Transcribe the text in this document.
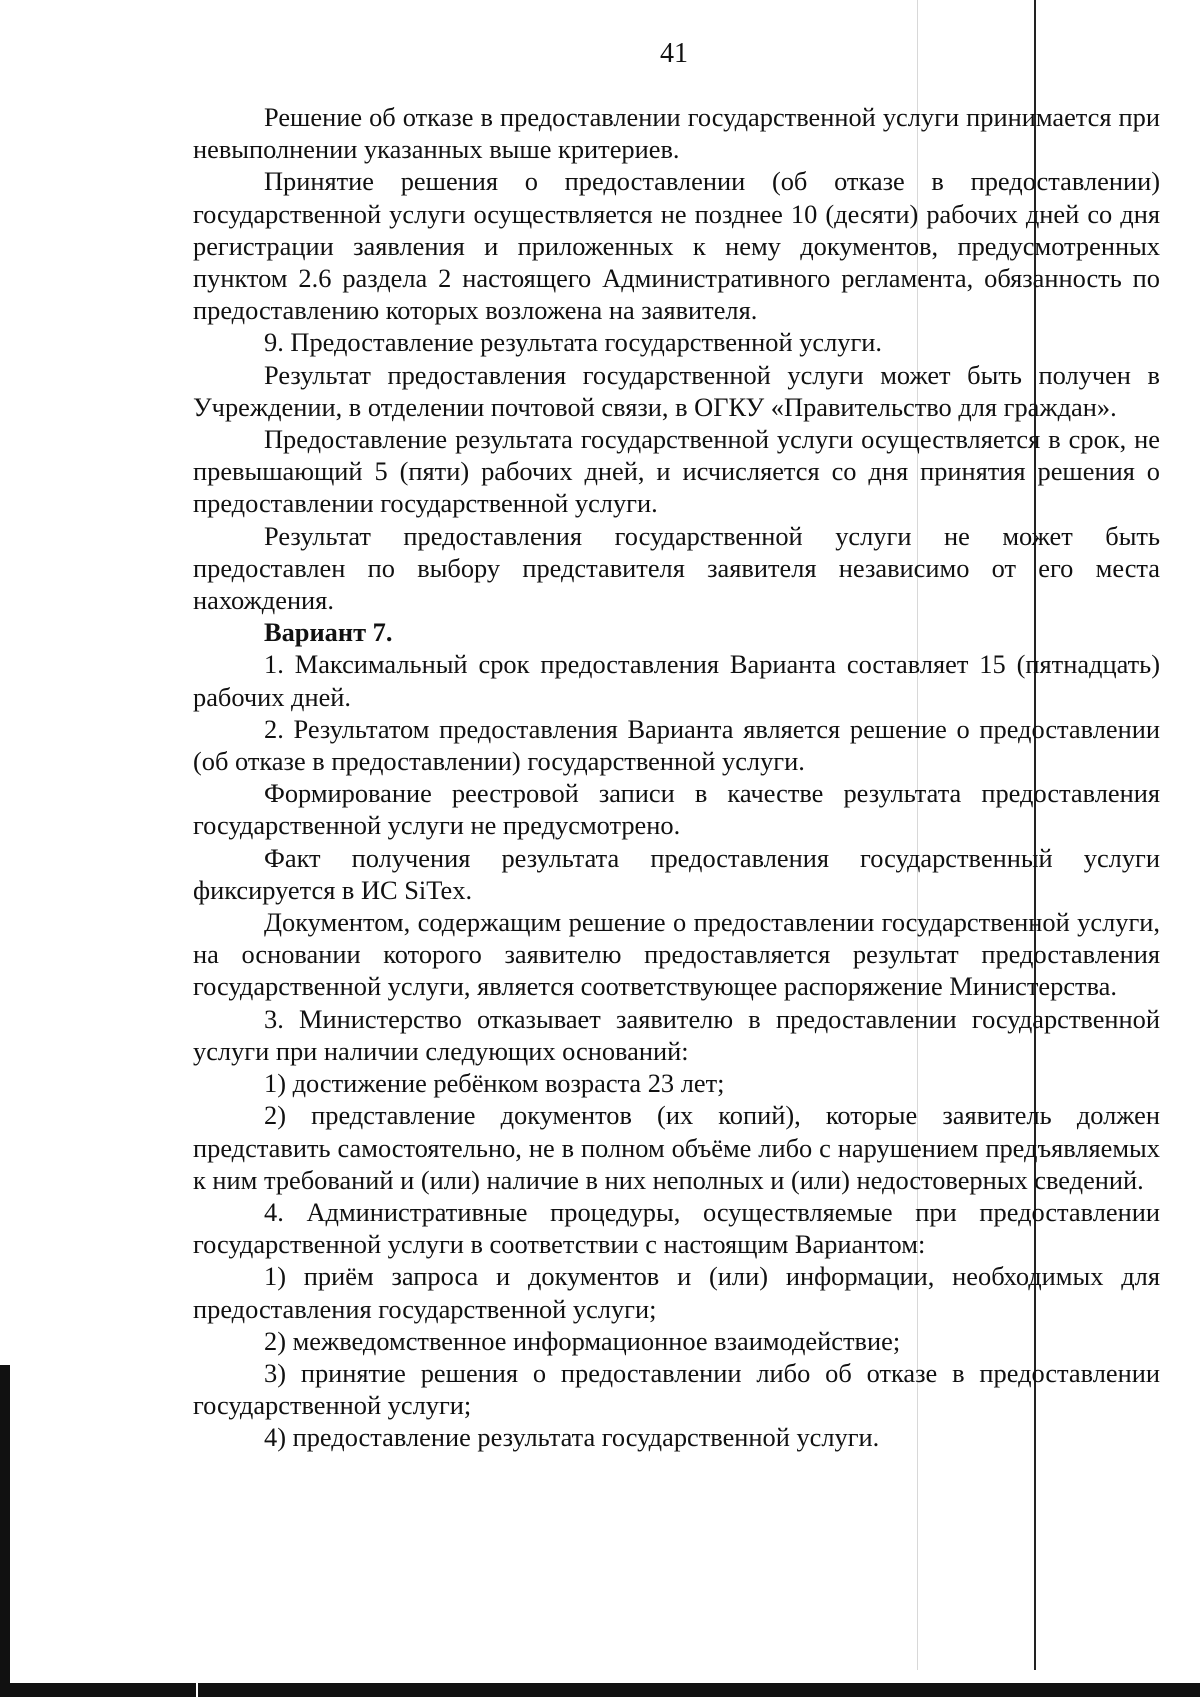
41

Решение об отказе в предоставлении государственной услуги принимается при невыполнении указанных выше критериев.

Принятие решения о предоставлении (об отказе в предоставлении) государственной услуги осуществляется не позднее 10 (десяти) рабочих дней со дня регистрации заявления и приложенных к нему документов, предусмотренных пунктом 2.6 раздела 2 настоящего Административного регламента, обязанность по предоставлению которых возложена на заявителя.

9. Предоставление результата государственной услуги.

Результат предоставления государственной услуги может быть получен в Учреждении, в отделении почтовой связи, в ОГКУ «Правительство для граждан».

Предоставление результата государственной услуги осуществляется в срок, не превышающий 5 (пяти) рабочих дней, и исчисляется со дня принятия решения о предоставлении государственной услуги.

Результат предоставления государственной услуги не может быть предоставлен по выбору представителя заявителя независимо от его места нахождения.

Вариант 7.

1. Максимальный срок предоставления Варианта составляет 15 (пятнадцать) рабочих дней.

2. Результатом предоставления Варианта является решение о предоставлении (об отказе в предоставлении) государственной услуги.

Формирование реестровой записи в качестве результата предоставления государственной услуги не предусмотрено.

Факт получения результата предоставления государственный услуги фиксируется в ИС SiTex.

Документом, содержащим решение о предоставлении государственной услуги, на основании которого заявителю предоставляется результат предоставления государственной услуги, является соответствующее распоряжение Министерства.

3. Министерство отказывает заявителю в предоставлении государственной услуги при наличии следующих оснований:

1) достижение ребёнком возраста 23 лет;

2) представление документов (их копий), которые заявитель должен представить самостоятельно, не в полном объёме либо с нарушением предъявляемых к ним требований и (или) наличие в них неполных и (или) недостоверных сведений.

4. Административные процедуры, осуществляемые при предоставлении государственной услуги в соответствии с настоящим Вариантом:

1) приём запроса и документов и (или) информации, необходимых для предоставления государственной услуги;

2) межведомственное информационное взаимодействие;

3) принятие решения о предоставлении либо об отказе в предоставлении государственной услуги;

4) предоставление результата государственной услуги.
